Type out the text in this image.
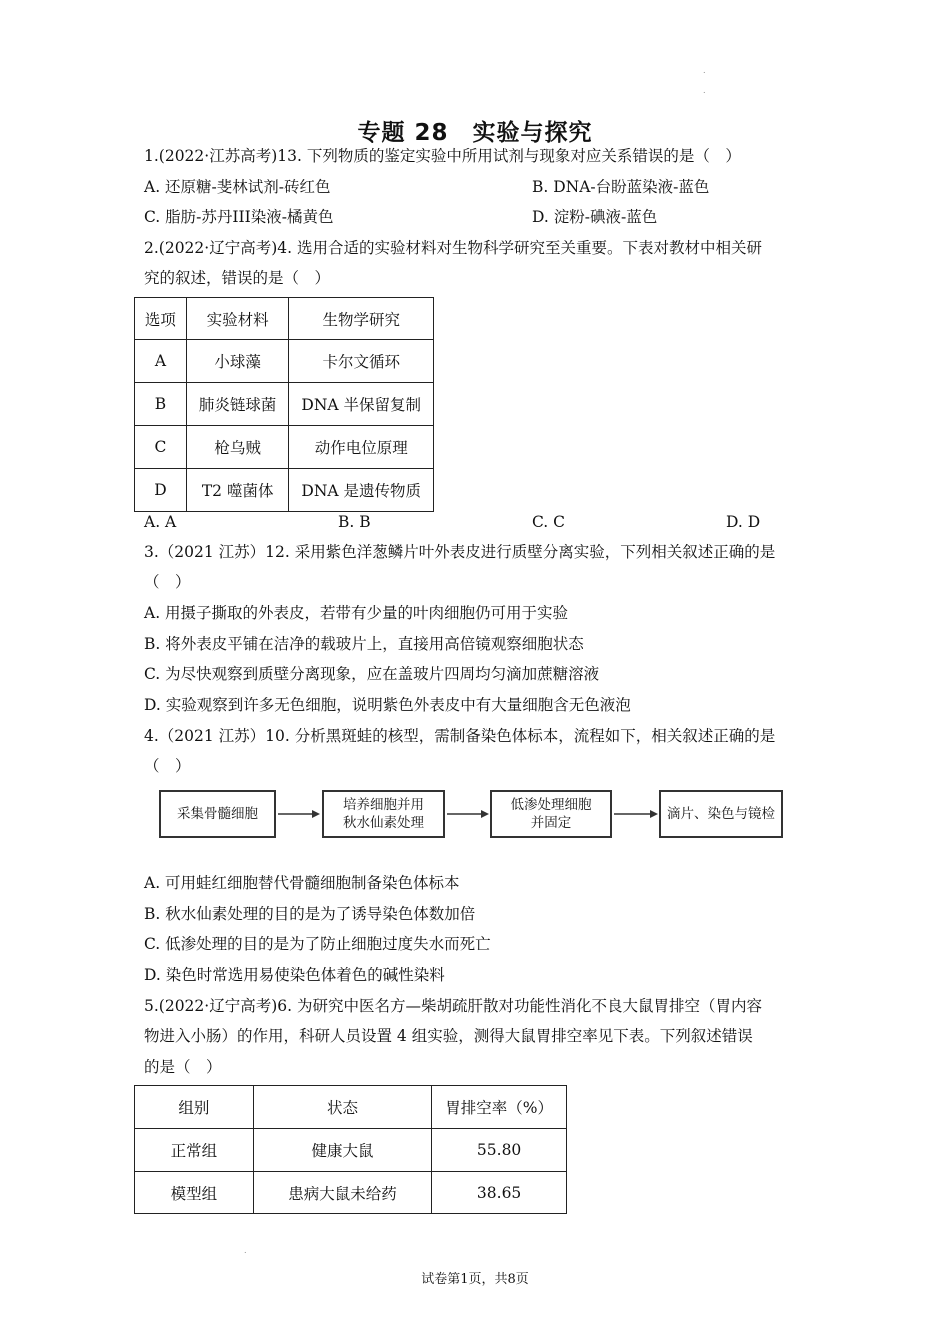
.
.
专题 28　实验与探究
1.(2022·江苏高考)13. 下列物质的鉴定实验中所用试剂与现象对应关系错误的是（　）
A. 还原糖-斐林试剂-砖红色	B. DNA-台盼蓝染液-蓝色
C. 脂肪-苏丹III染液-橘黄色	D. 淀粉-碘液-蓝色
2.(2022·辽宁高考)4. 选用合适的实验材料对生物科学研究至关重要。下表对教材中相关研
究的叙述，错误的是（　）
选项	实验材料	生物学研究
A	小球藻	卡尔文循环
B	肺炎链球菌	DNA 半保留复制
C	枪乌贼	动作电位原理
D	T2 噬菌体	DNA 是遗传物质
A. A	B. B	C. C	D. D
3.（2021 江苏）12. 采用紫色洋葱鳞片叶外表皮进行质壁分离实验，下列相关叙述正确的是
（　）
A. 用摄子撕取的外表皮，若带有少量的叶肉细胞仍可用于实验
B. 将外表皮平铺在洁净的载玻片上，直接用高倍镜观察细胞状态
C. 为尽快观察到质壁分离现象，应在盖玻片四周均匀滴加蔗糖溶液
D. 实验观察到许多无色细胞，说明紫色外表皮中有大量细胞含无色液泡
4.（2021 江苏）10. 分析黑斑蛙的核型，需制备染色体标本，流程如下，相关叙述正确的是
（　）
采集骨髓细胞
培养细胞并用
秋水仙素处理
低渗处理细胞
并固定
滴片、染色与镜检
A. 可用蛙红细胞替代骨髓细胞制备染色体标本
B. 秋水仙素处理的目的是为了诱导染色体数加倍
C. 低渗处理的目的是为了防止细胞过度失水而死亡
D. 染色时常选用易使染色体着色的碱性染料
5.(2022·辽宁高考)6. 为研究中医名方—柴胡疏肝散对功能性消化不良大鼠胃排空（胃内容
物进入小肠）的作用，科研人员设置 4 组实验，测得大鼠胃排空率见下表。下列叙述错误
的是（　）
组别	状态	胃排空率（%）
正常组	健康大鼠	55.80
模型组	患病大鼠未给药	38.65
.
试卷第1页，共8页
